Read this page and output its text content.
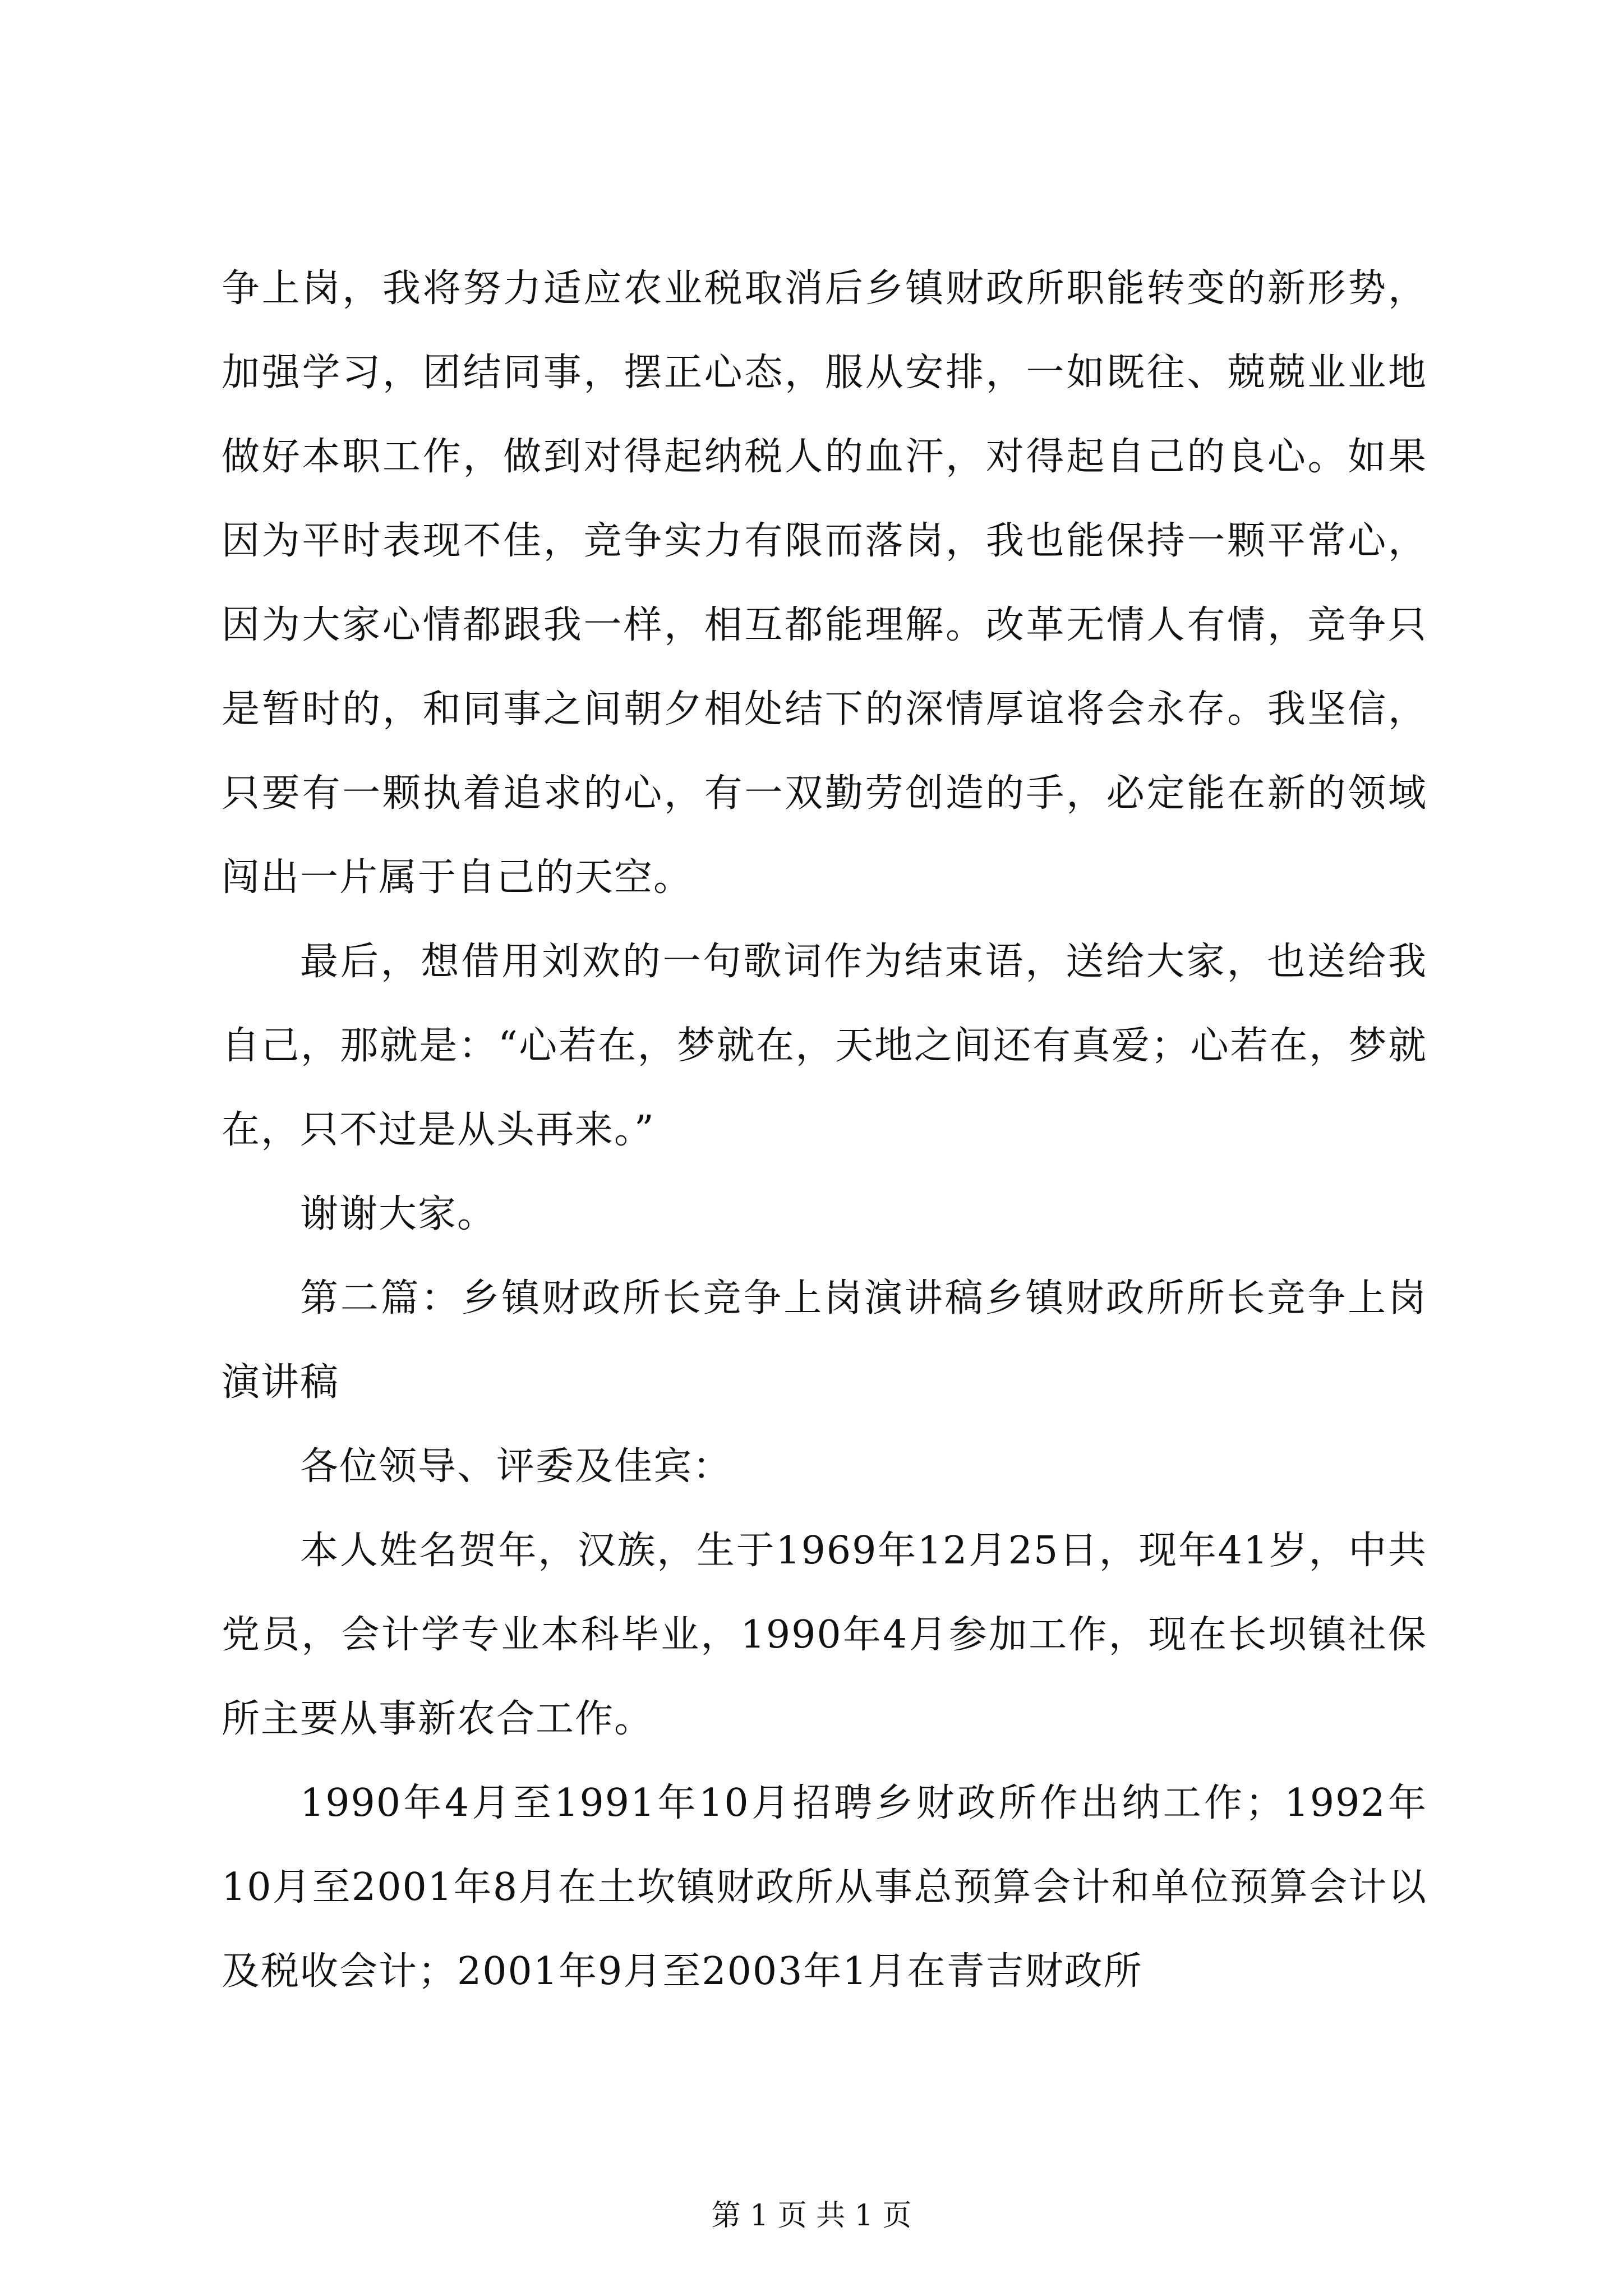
争上岗，我将努力适应农业税取消后乡镇财政所职能转变的新形势，加强学习，团结同事，摆正心态，服从安排，一如既往、兢兢业业地做好本职工作，做到对得起纳税人的血汗，对得起自己的良心。如果因为平时表现不佳，竞争实力有限而落岗，我也能保持一颗平常心，因为大家心情都跟我一样，相互都能理解。改革无情人有情，竞争只是暂时的，和同事之间朝夕相处结下的深情厚谊将会永存。我坚信，只要有一颗执着追求的心，有一双勤劳创造的手，必定能在新的领域闯出一片属于自己的天空。

最后，想借用刘欢的一句歌词作为结束语，送给大家，也送给我自己，那就是：“心若在，梦就在，天地之间还有真爱；心若在，梦就在，只不过是从头再来。”

谢谢大家。

第二篇：乡镇财政所长竞争上岗演讲稿乡镇财政所所长竞争上岗演讲稿

各位领导、评委及佳宾：

本人姓名贺年，汉族，生于1969年12月25日，现年41岁，中共党员，会计学专业本科毕业，1990年4月参加工作，现在长坝镇社保所主要从事新农合工作。

1990年4月至1991年10月招聘乡财政所作出纳工作；1992年10月至2001年8月在土坎镇财政所从事总预算会计和单位预算会计以及税收会计；2001年9月至2003年1月在青吉财政所

第 1 页 共 1 页
